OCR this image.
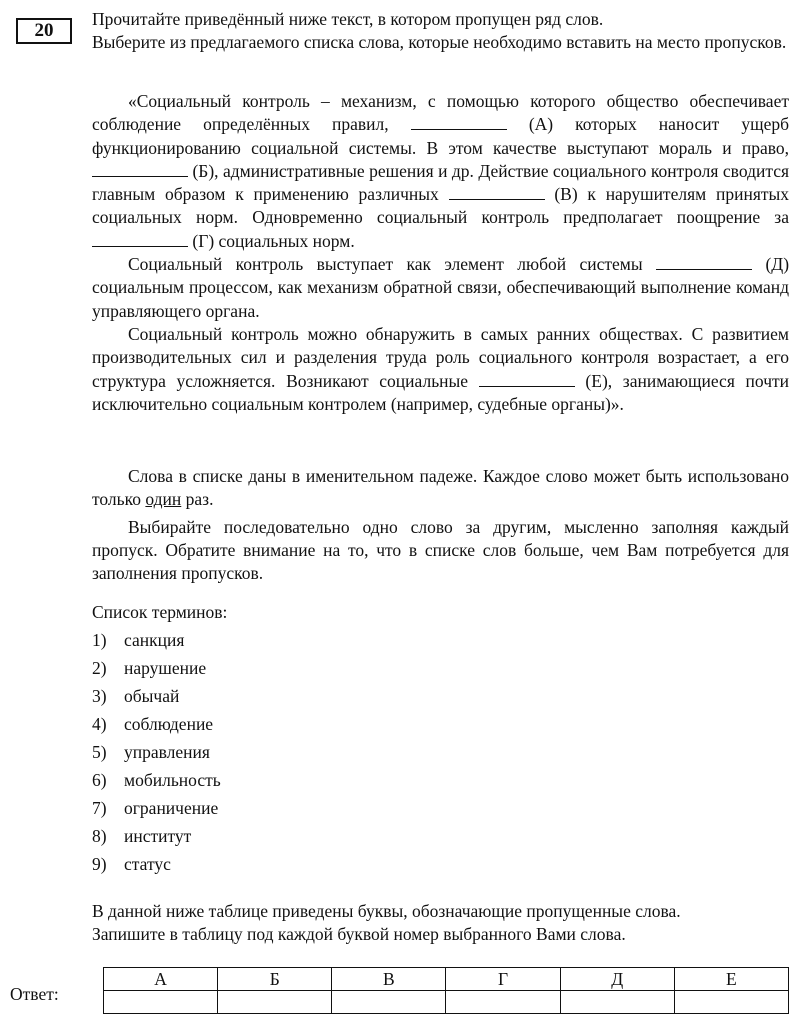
20

Прочитайте приведённый ниже текст, в котором пропущен ряд слов.

Выберите из предлагаемого списка слова, которые необходимо вставить на место пропусков.

«Социальный контроль – механизм, с помощью которого общество обеспечивает соблюдение определённых правил,	(А) которых наносит ущерб функционированию социальной системы. В этом качестве выступают мораль и право,  (Б), административные решения и др. Действие социального контроля сводится главным образом к применению различных	(В) к нарушителям принятых социальных норм. Одновременно социальный контроль предполагает поощрение за  (Г) социальных норм.

Социальный контроль выступает как элемент любой системы	(Д) социальным процессом, как механизм обратной связи, обеспечивающий выполнение команд управляющего органа.

Социальный контроль можно обнаружить в самых ранних обществах. С развитием производительных сил и разделения труда роль социального контроля возрастает, а его структура усложняется. Возникают социальные	(Е), занимающиеся почти исключительно социальным контролем (например, судебные органы)».

Слова в списке даны в именительном падеже. Каждое слово может быть использовано только один раз.

Выбирайте последовательно одно слово за другим, мысленно заполняя каждый пропуск. Обратите внимание на то, что в списке слов больше, чем Вам потребуется для заполнения пропусков.

Список терминов:
1) санкция
2) нарушение
3) обычай
4) соблюдение
5) управления
6) мобильность
7) ограничение
8) институт
9) статус

В данной ниже таблице приведены буквы, обозначающие пропущенные слова.

Запишите в таблицу под каждой буквой номер выбранного Вами слова.

Ответ:
А	Б	В	Г	Д	Е
